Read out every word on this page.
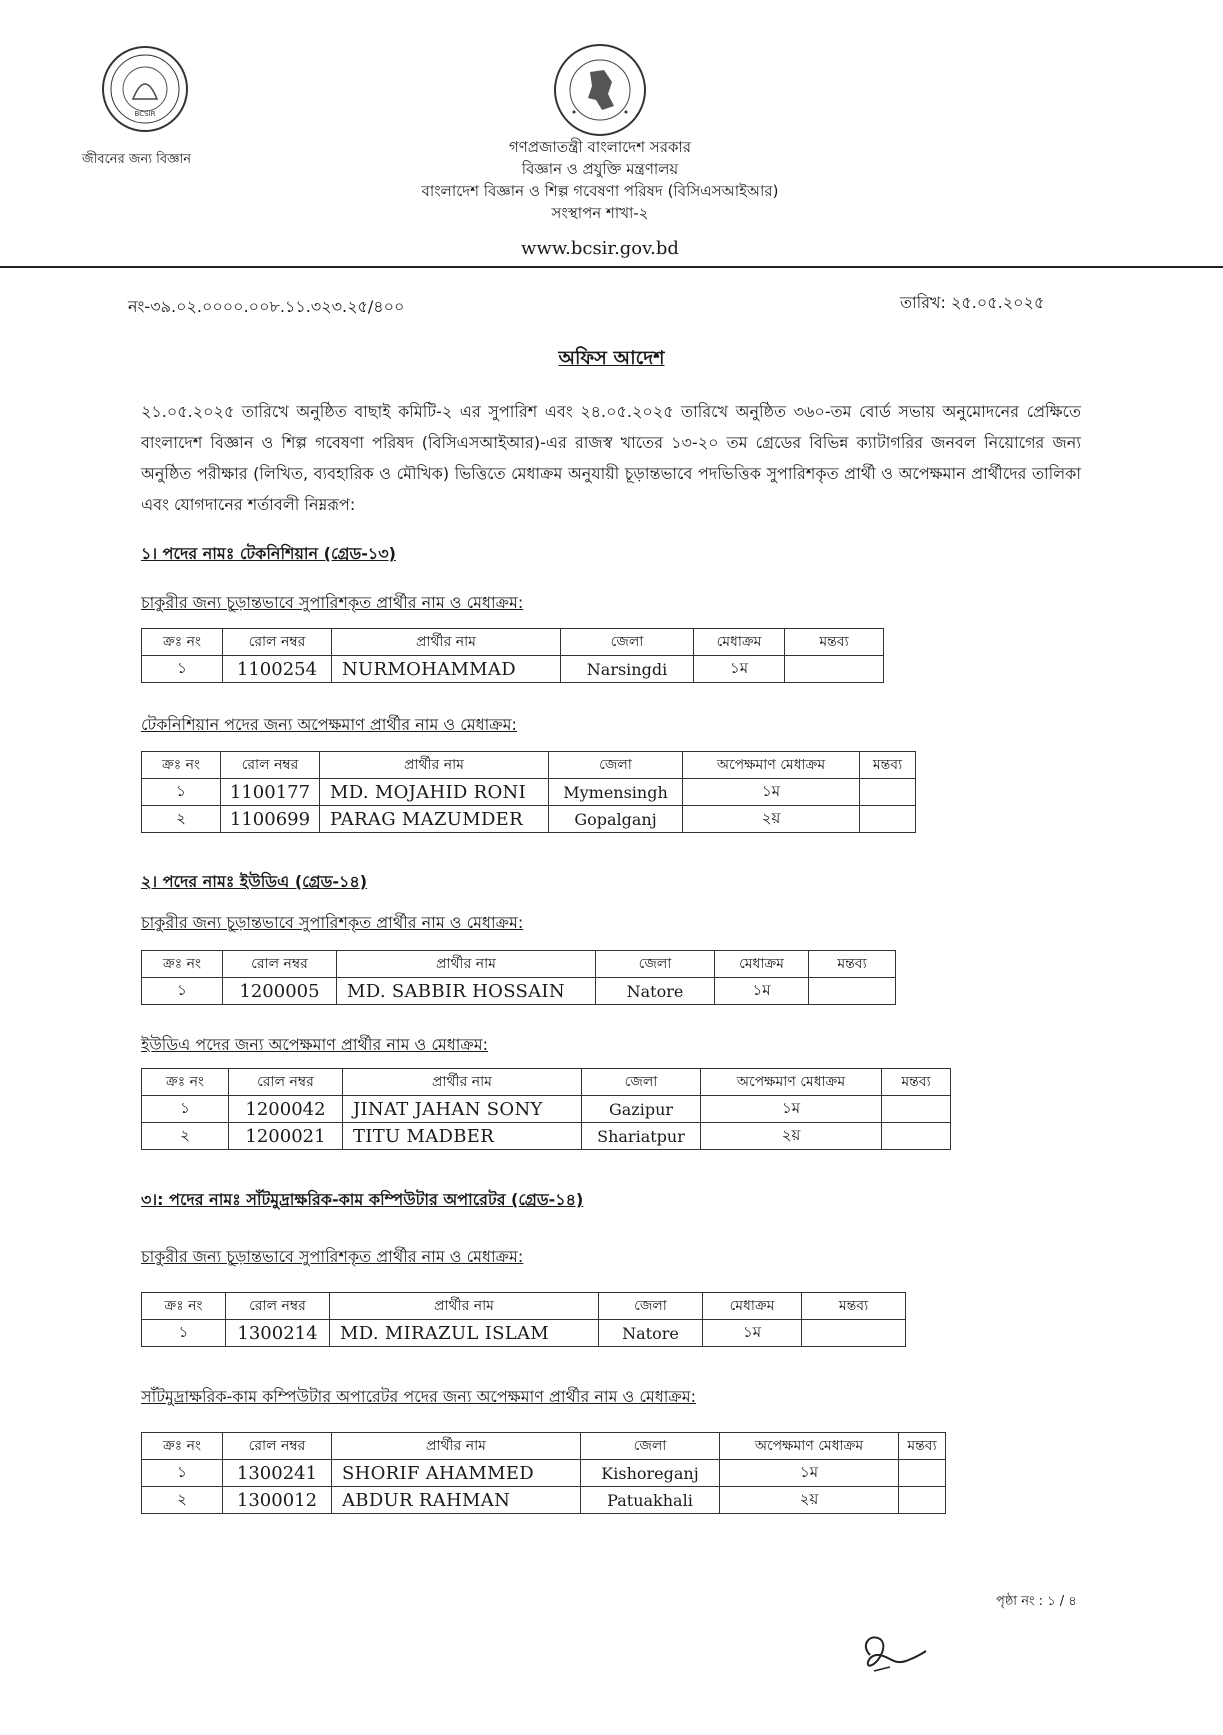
BCSIR
জীবনের জন্য বিজ্ঞান
গণপ্রজাতন্ত্রী বাংলাদেশ সরকার
বিজ্ঞান ও প্রযুক্তি মন্ত্রণালয়
বাংলাদেশ বিজ্ঞান ও শিল্প গবেষণা পরিষদ (বিসিএসআইআর)
সংস্থাপন শাখা-২
www.bcsir.gov.bd
নং-৩৯.০২.০০০০.০০৮.১১.৩২৩.২৫/৪০০	তারিখ: ২৫.০৫.২০২৫
অফিস আদেশ
২১.০৫.২০২৫ তারিখে অনুষ্ঠিত বাছাই কমিটি-২ এর সুপারিশ এবং ২৪.০৫.২০২৫ তারিখে অনুষ্ঠিত ৩৬০-তম বোর্ড সভায় অনুমোদনের প্রেক্ষিতে বাংলাদেশ বিজ্ঞান ও শিল্প গবেষণা পরিষদ (বিসিএসআইআর)-এর রাজস্ব খাতের ১৩-২০ তম গ্রেডের বিভিন্ন ক্যাটাগরির জনবল নিয়োগের জন্য অনুষ্ঠিত পরীক্ষার (লিখিত, ব্যবহারিক ও মৌখিক) ভিত্তিতে মেধাক্রম অনুযায়ী চূড়ান্তভাবে পদভিত্তিক সুপারিশকৃত প্রার্থী ও অপেক্ষমান প্রার্থীদের তালিকা এবং যোগদানের শর্তাবলী নিম্নরূপ:
১। পদের নামঃ টেকনিশিয়ান (গ্রেড-১৩)
চাকুরীর জন্য চূড়ান্তভাবে সুপারিশকৃত প্রার্থীর নাম ও মেধাক্রম:
ক্রঃ নং	রোল নম্বর	প্রার্থীর নাম	জেলা	মেধাক্রম	মন্তব্য
১	1100254	NURMOHAMMAD	Narsingdi	১ম	
টেকনিশিয়ান পদের জন্য অপেক্ষমাণ প্রার্থীর নাম ও মেধাক্রম:
ক্রঃ নং	রোল নম্বর	প্রার্থীর নাম	জেলা	অপেক্ষমাণ মেধাক্রম	মন্তব্য
১	1100177	MD. MOJAHID RONI	Mymensingh	১ম	
২	1100699	PARAG MAZUMDER	Gopalganj	২য়	
২। পদের নামঃ ইউডিএ (গ্রেড-১৪)
চাকুরীর জন্য চূড়ান্তভাবে সুপারিশকৃত প্রার্থীর নাম ও মেধাক্রম:
ক্রঃ নং	রোল নম্বর	প্রার্থীর নাম	জেলা	মেধাক্রম	মন্তব্য
১	1200005	MD. SABBIR HOSSAIN	Natore	১ম	
ইউডিএ পদের জন্য অপেক্ষমাণ প্রার্থীর নাম ও মেধাক্রম:
ক্রঃ নং	রোল নম্বর	প্রার্থীর নাম	জেলা	অপেক্ষমাণ মেধাক্রম	মন্তব্য
১	1200042	JINAT JAHAN SONY	Gazipur	১ম	
২	1200021	TITU MADBER	Shariatpur	২য়	
৩।: পদের নামঃ সাঁটমুদ্রাক্ষরিক-কাম কম্পিউটার অপারেটর (গ্রেড-১৪)
চাকুরীর জন্য চূড়ান্তভাবে সুপারিশকৃত প্রার্থীর নাম ও মেধাক্রম:
ক্রঃ নং	রোল নম্বর	প্রার্থীর নাম	জেলা	মেধাক্রম	মন্তব্য
১	1300214	MD. MIRAZUL ISLAM	Natore	১ম	
সাঁটমুদ্রাক্ষরিক-কাম কম্পিউটার অপারেটর পদের জন্য অপেক্ষমাণ প্রার্থীর নাম ও মেধাক্রম:
ক্রঃ নং	রোল নম্বর	প্রার্থীর নাম	জেলা	অপেক্ষমাণ মেধাক্রম	মন্তব্য
১	1300241	SHORIF AHAMMED	Kishoreganj	১ম	
২	1300012	ABDUR RAHMAN	Patuakhali	২য়	
পৃষ্ঠা নং : ১ / ৪
